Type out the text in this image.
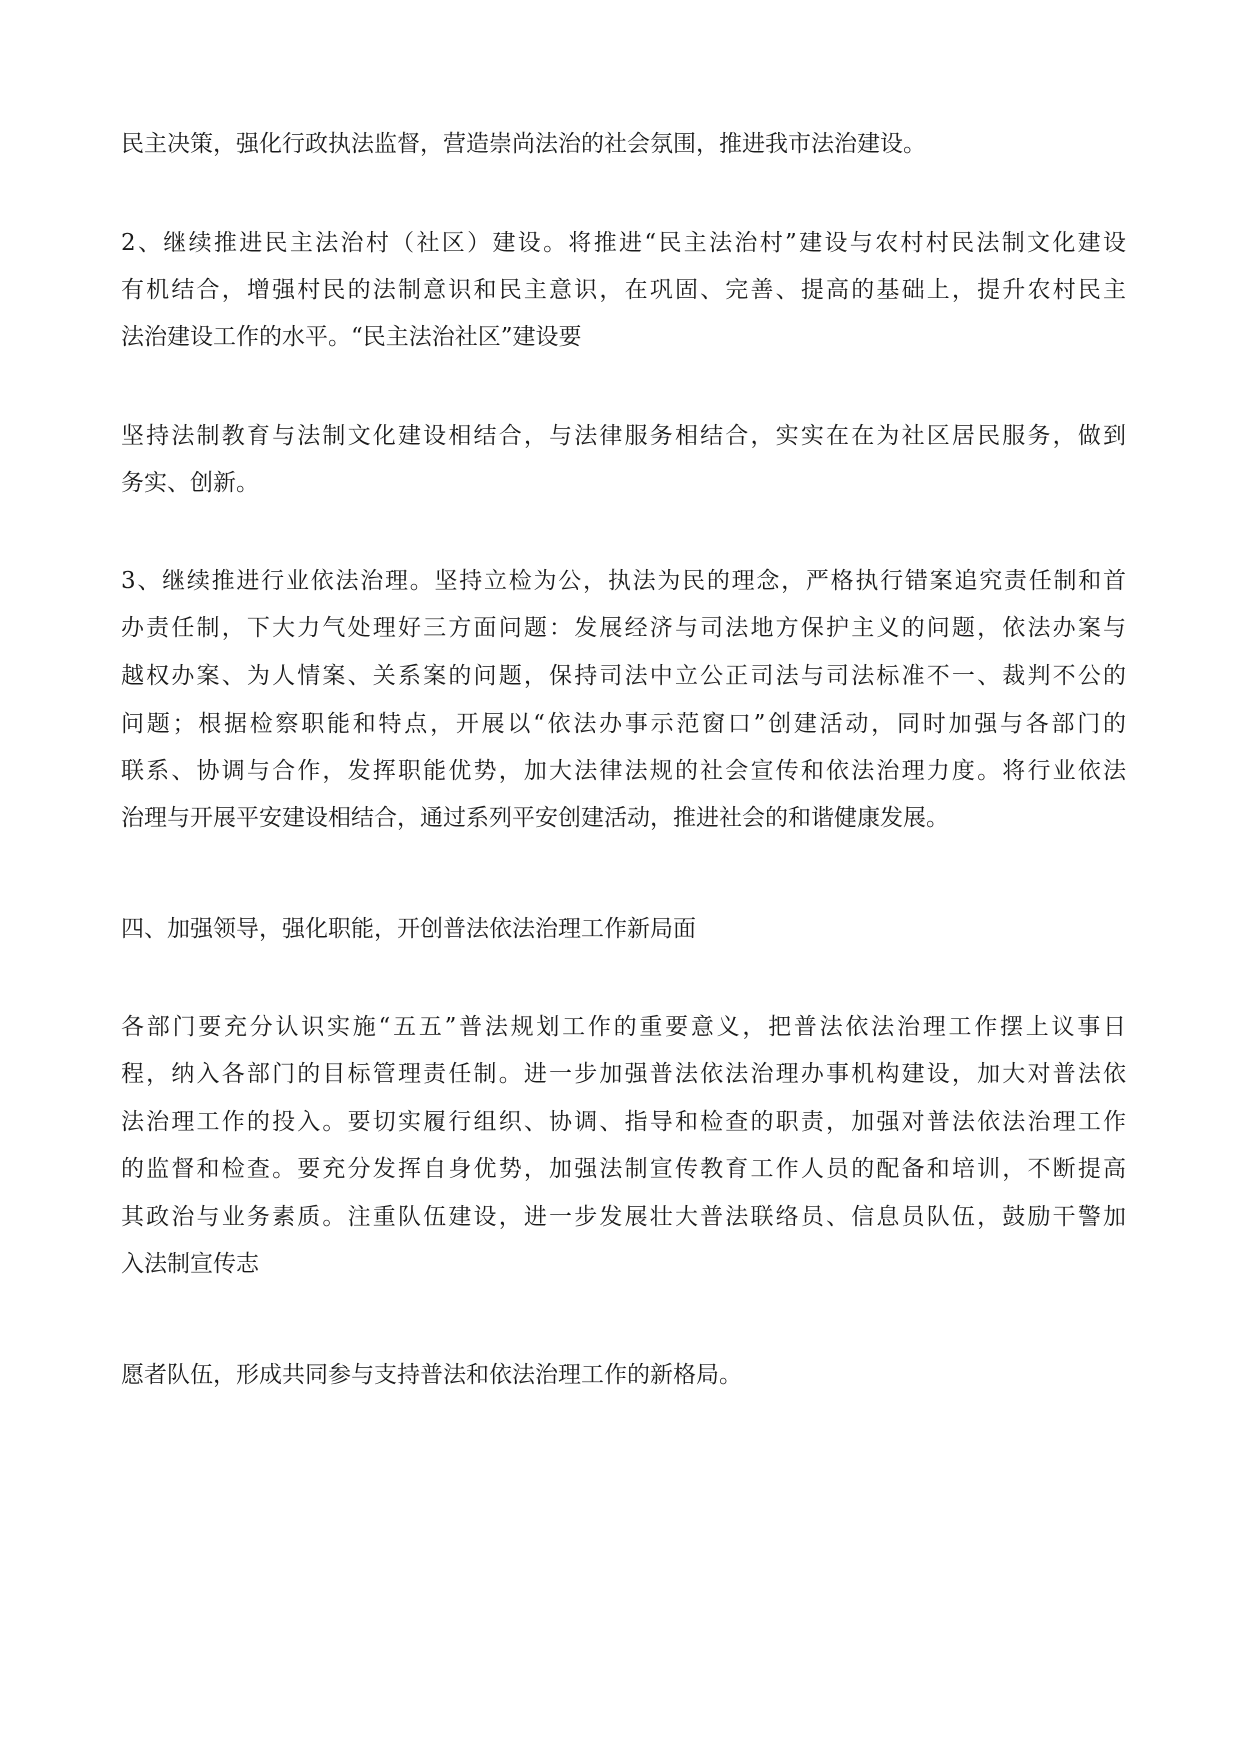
民主决策，强化行政执法监督，营造崇尚法治的社会氛围，推进我市法治建设。
2、继续推进民主法治村（社区）建设。将推进“民主法治村”建设与农村村民法制文化建设
有机结合，增强村民的法制意识和民主意识，在巩固、完善、提高的基础上，提升农村民主
法治建设工作的水平。“民主法治社区”建设要
坚持法制教育与法制文化建设相结合，与法律服务相结合，实实在在为社区居民服务，做到
务实、创新。
3、继续推进行业依法治理。坚持立检为公，执法为民的理念，严格执行错案追究责任制和首
办责任制，下大力气处理好三方面问题：发展经济与司法地方保护主义的问题，依法办案与
越权办案、为人情案、关系案的问题，保持司法中立公正司法与司法标准不一、裁判不公的
问题；根据检察职能和特点，开展以“依法办事示范窗口”创建活动，同时加强与各部门的
联系、协调与合作，发挥职能优势，加大法律法规的社会宣传和依法治理力度。将行业依法
治理与开展平安建设相结合，通过系列平安创建活动，推进社会的和谐健康发展。
四、加强领导，强化职能，开创普法依法治理工作新局面
各部门要充分认识实施“五五”普法规划工作的重要意义，把普法依法治理工作摆上议事日
程，纳入各部门的目标管理责任制。进一步加强普法依法治理办事机构建设，加大对普法依
法治理工作的投入。要切实履行组织、协调、指导和检查的职责，加强对普法依法治理工作
的监督和检查。要充分发挥自身优势，加强法制宣传教育工作人员的配备和培训，不断提高
其政治与业务素质。注重队伍建设，进一步发展壮大普法联络员、信息员队伍，鼓励干警加
入法制宣传志
愿者队伍，形成共同参与支持普法和依法治理工作的新格局。
